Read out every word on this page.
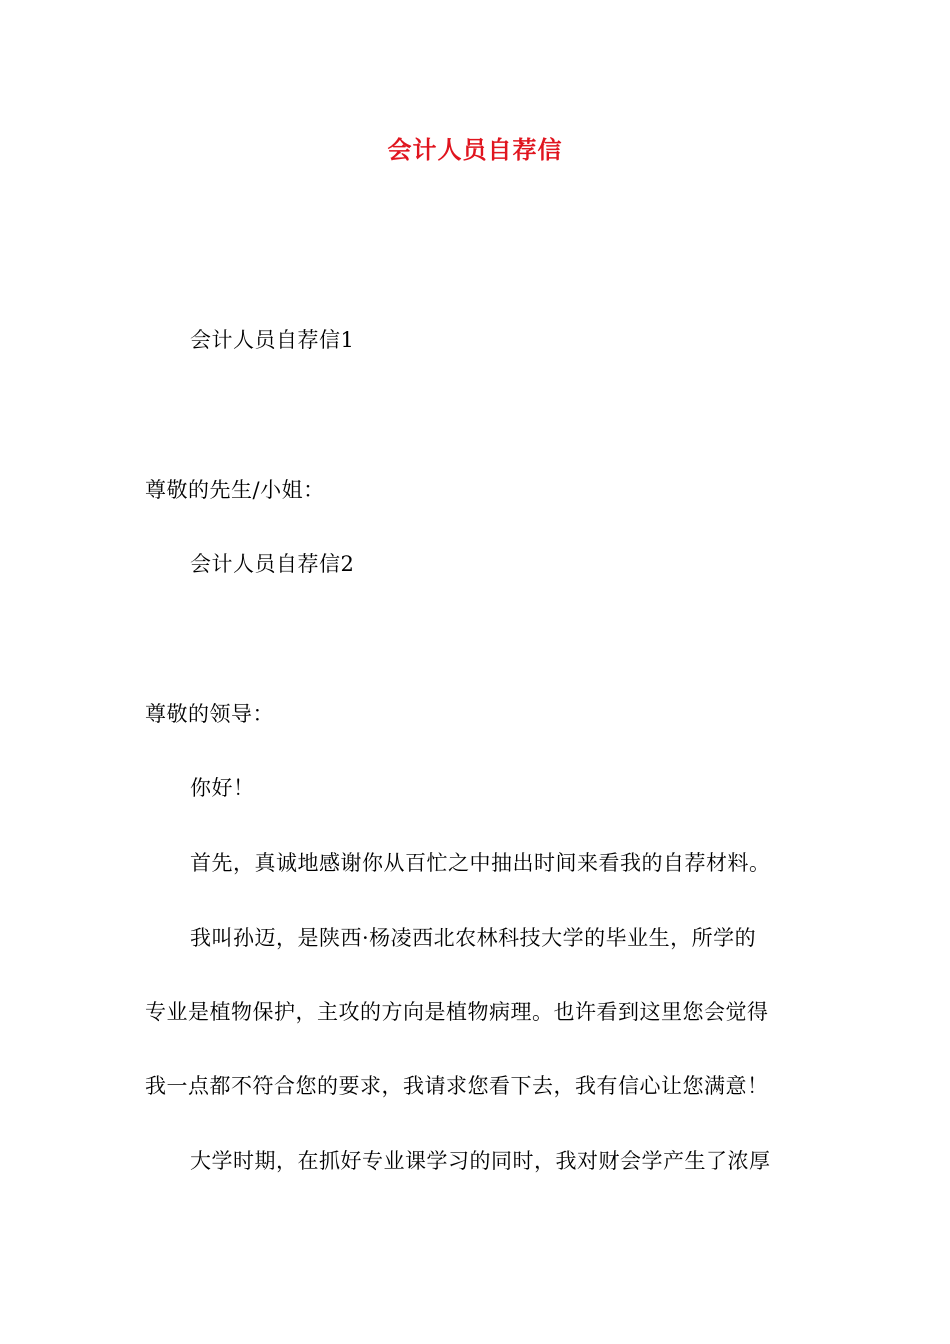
会计人员自荐信
会计人员自荐信1
尊敬的先生/小姐：
会计人员自荐信2
尊敬的领导：
你好！
首先，真诚地感谢你从百忙之中抽出时间来看我的自荐材料。
我叫孙迈，是陕西·杨凌西北农林科技大学的毕业生，所学的
专业是植物保护，主攻的方向是植物病理。也许看到这里您会觉得
我一点都不符合您的要求，我请求您看下去，我有信心让您满意！
大学时期，在抓好专业课学习的同时，我对财会学产生了浓厚
